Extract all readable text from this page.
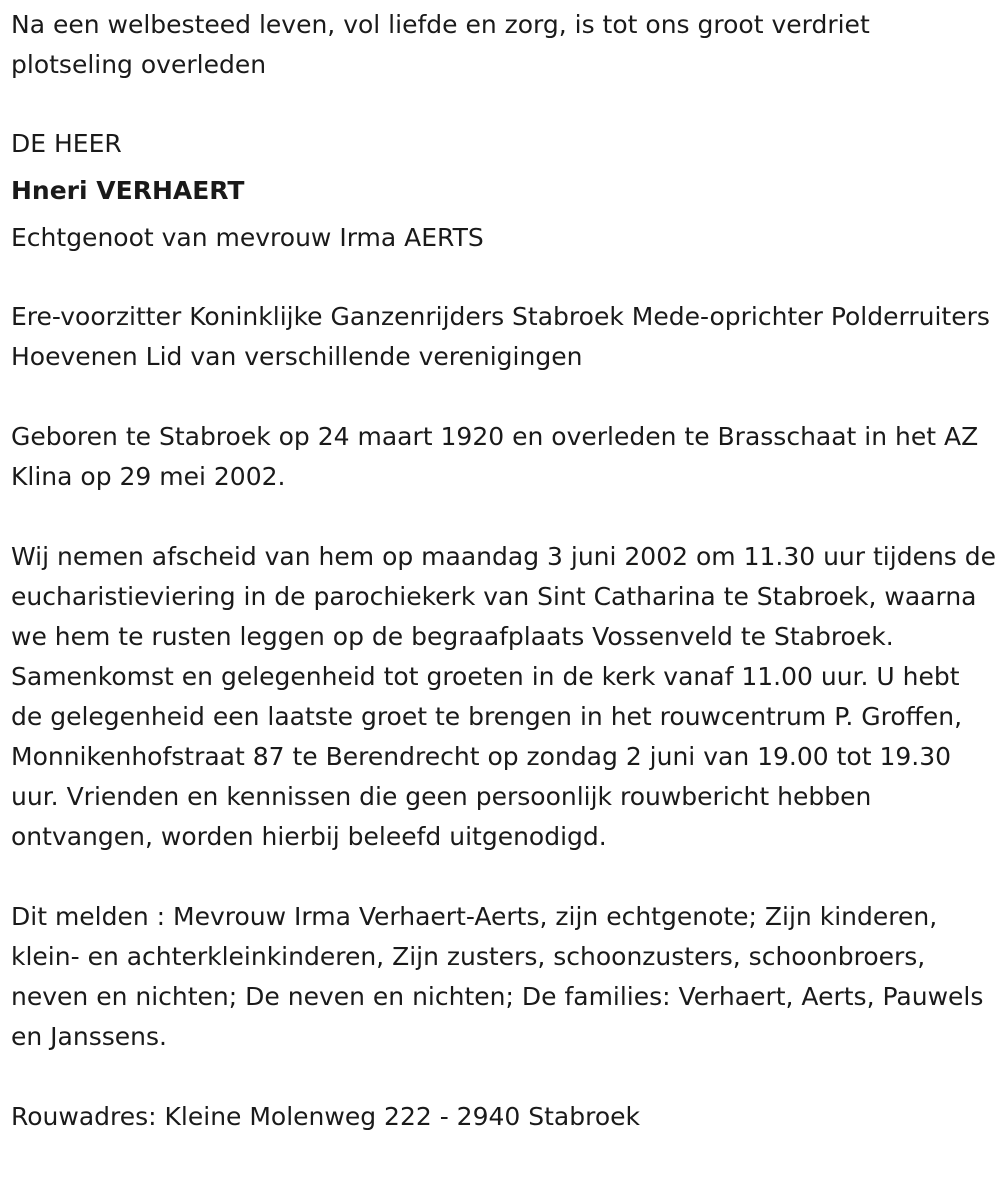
Na een welbesteed leven, vol liefde en zorg, is tot ons groot verdriet plotseling overleden

DE HEER

Hneri VERHAERT

Echtgenoot van mevrouw Irma AERTS

Ere-voorzitter Koninklijke Ganzenrijders Stabroek Mede-oprichter Polderruiters Hoevenen Lid van verschillende verenigingen

Geboren te Stabroek op 24 maart 1920 en overleden te Brasschaat in het AZ Klina op 29 mei 2002.

Wij nemen afscheid van hem op maandag 3 juni 2002 om 11.30 uur tijdens de eucharistieviering in de parochiekerk van Sint Catharina te Stabroek, waarna we hem te rusten leggen op de begraafplaats Vossenveld te Stabroek. Samenkomst en gelegenheid tot groeten in de kerk vanaf 11.00 uur. U hebt de gelegenheid een laatste groet te brengen in het rouwcentrum P. Groffen, Monnikenhofstraat 87 te Berendrecht op zondag 2 juni van 19.00 tot 19.30 uur. Vrienden en kennissen die geen persoonlijk rouwbericht hebben ontvangen, worden hierbij beleefd uitgenodigd.

Dit melden : Mevrouw Irma Verhaert-Aerts, zijn echtgenote; Zijn kinderen, klein- en achterkleinkinderen, Zijn zusters, schoonzusters, schoonbroers, neven en nichten; De neven en nichten; De families: Verhaert, Aerts, Pauwels en Janssens.

Rouwadres: Kleine Molenweg 222 - 2940 Stabroek
